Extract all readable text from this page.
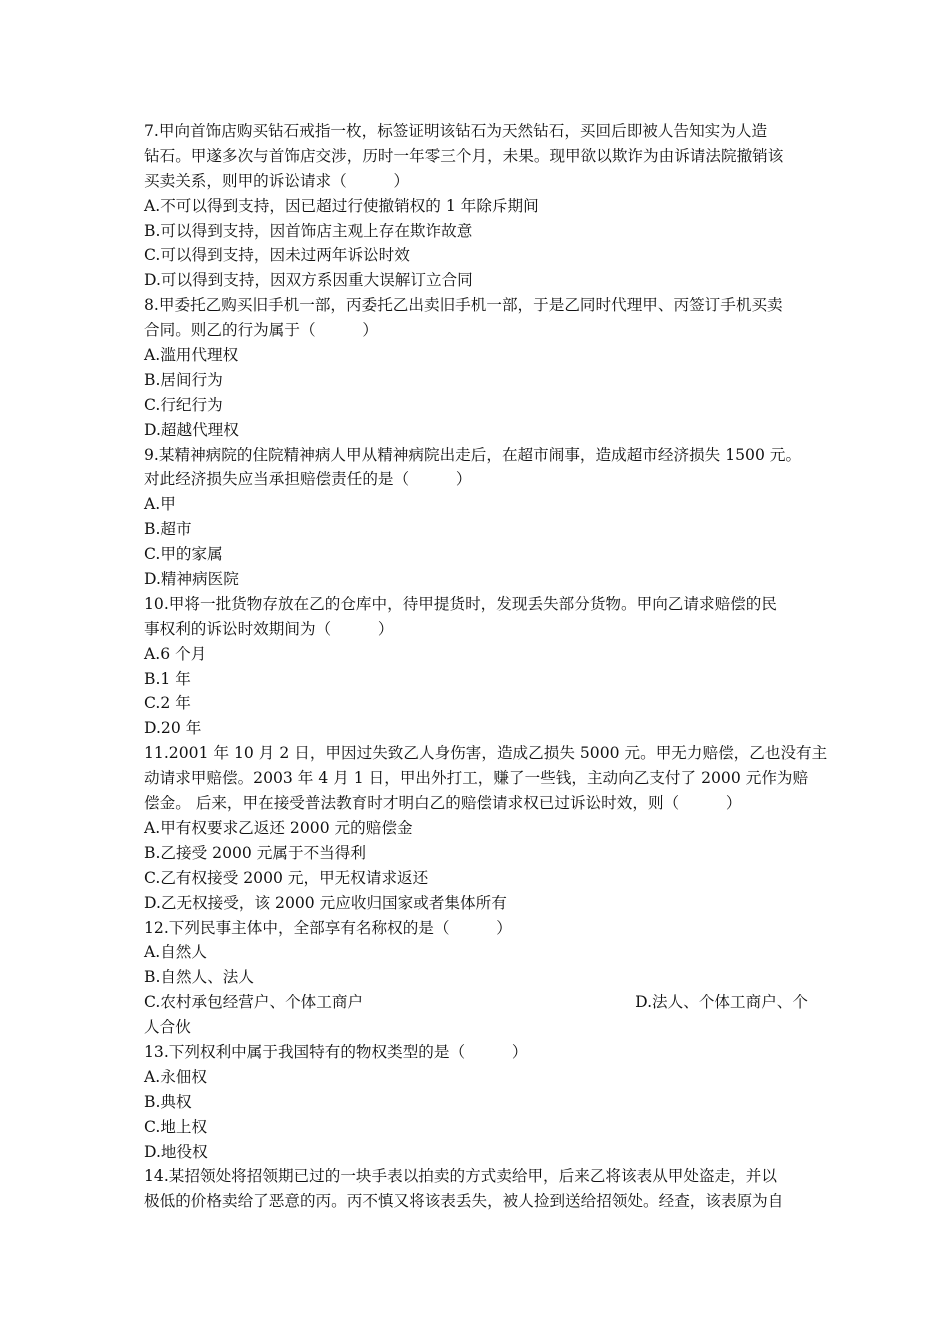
7.甲向首饰店购买钻石戒指一枚，标签证明该钻石为天然钻石，买回后即被人告知实为人造
钻石。甲遂多次与首饰店交涉，历时一年零三个月，未果。现甲欲以欺诈为由诉请法院撤销该
买卖关系，则甲的诉讼请求（　　　）
A.不可以得到支持，因已超过行使撤销权的 1 年除斥期间
B.可以得到支持，因首饰店主观上存在欺诈故意
C.可以得到支持，因未过两年诉讼时效
D.可以得到支持，因双方系因重大误解订立合同
8.甲委托乙购买旧手机一部，丙委托乙出卖旧手机一部，于是乙同时代理甲、丙签订手机买卖
合同。则乙的行为属于（　　　）
A.滥用代理权
B.居间行为
C.行纪行为
D.超越代理权
9.某精神病院的住院精神病人甲从精神病院出走后，在超市闹事，造成超市经济损失 1500 元。
对此经济损失应当承担赔偿责任的是（　　　）
A.甲
B.超市
C.甲的家属
D.精神病医院
10.甲将一批货物存放在乙的仓库中，待甲提货时，发现丢失部分货物。甲向乙请求赔偿的民
事权利的诉讼时效期间为（　　　）
A.6 个月
B.1 年
C.2 年
D.20 年
11.2001 年 10 月 2 日，甲因过失致乙人身伤害，造成乙损失 5000 元。甲无力赔偿，乙也没有主
动请求甲赔偿。2003 年 4 月 1 日，甲出外打工，赚了一些钱，主动向乙支付了 2000 元作为赔
偿金。 后来，甲在接受普法教育时才明白乙的赔偿请求权已过诉讼时效，则（　　　）
A.甲有权要求乙返还 2000 元的赔偿金
B.乙接受 2000 元属于不当得利
C.乙有权接受 2000 元，甲无权请求返还
D.乙无权接受，该 2000 元应收归国家或者集体所有
12.下列民事主体中，全部享有名称权的是（　　　）
A.自然人
B.自然人、法人
C.农村承包经营户、个体工商户	D.法人、个体工商户、个
人合伙
13.下列权利中属于我国特有的物权类型的是（　　　）
A.永佃权
B.典权
C.地上权
D.地役权
14.某招领处将招领期已过的一块手表以拍卖的方式卖给甲，后来乙将该表从甲处盗走，并以
极低的价格卖给了恶意的丙。丙不慎又将该表丢失，被人捡到送给招领处。经查，该表原为自
